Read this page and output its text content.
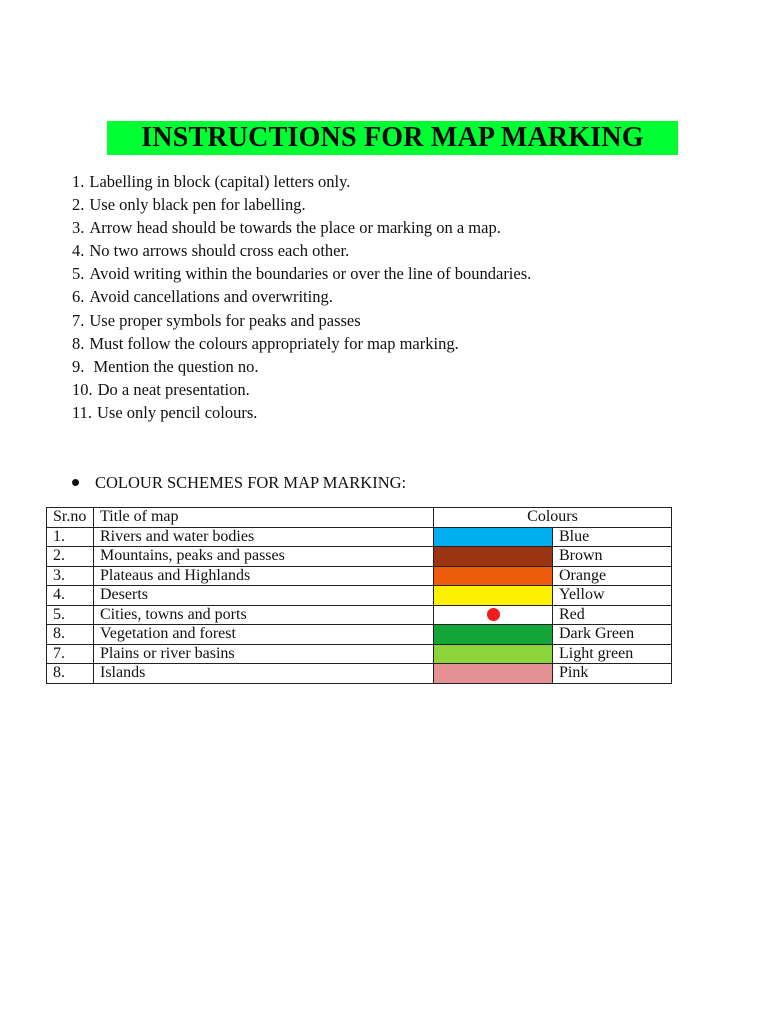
INSTRUCTIONS FOR MAP MARKING
1. Labelling in block (capital) letters only.
2. Use only black pen for labelling.
3. Arrow head should be towards the place or marking on a map.
4. No two arrows should cross each other.
5. Avoid writing within the boundaries or over the line of boundaries.
6. Avoid cancellations and overwriting.
7. Use proper symbols for peaks and passes
8. Must follow the colours appropriately for map marking.
9. Mention the question no.
10. Do a neat presentation.
11. Use only pencil colours.
COLOUR SCHEMES FOR MAP MARKING:
Sr.no	Title of map	Colours	
1.	Rivers and water bodies		Blue
2.	Mountains, peaks and passes		Brown
3.	Plateaus and Highlands		Orange
4.	Deserts		Yellow
5.	Cities, towns and ports		Red
8.	Vegetation and forest		Dark Green
7.	Plains or river basins		Light green
8.	Islands		Pink
